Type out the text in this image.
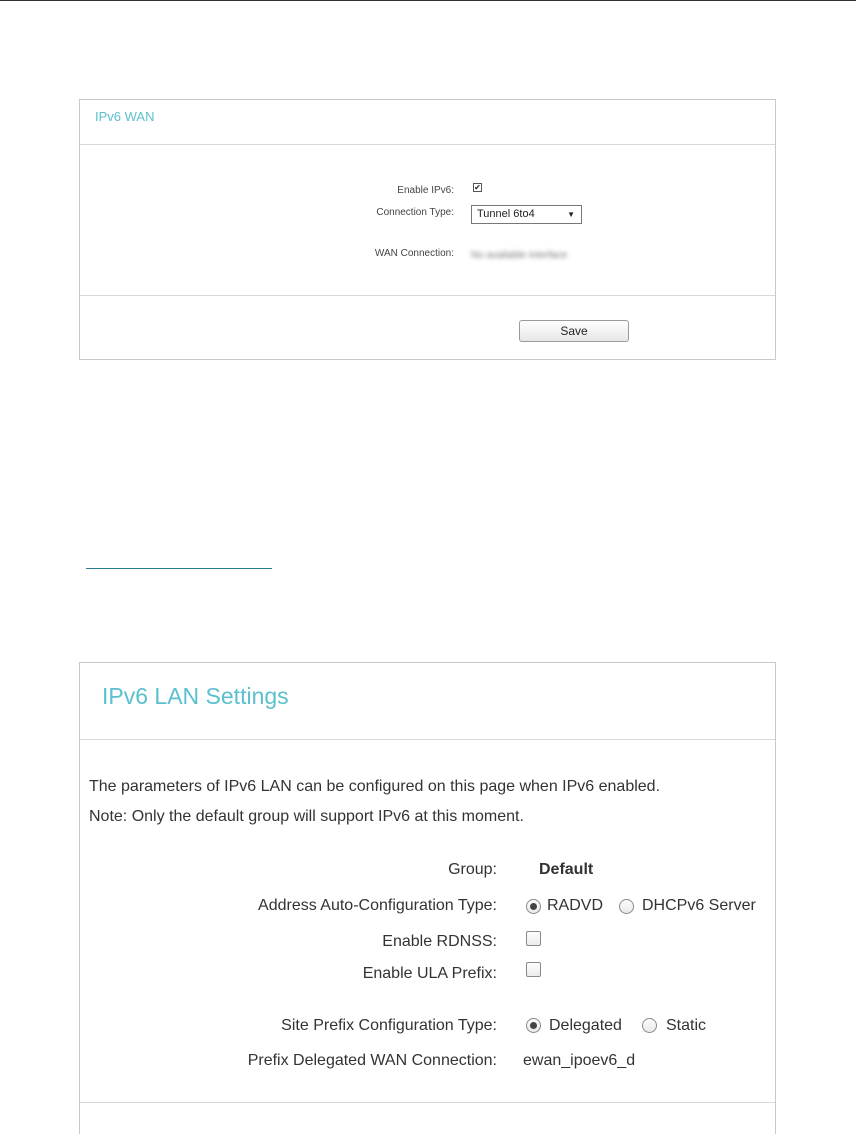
IPv6 WAN
Enable IPv6:	✔
Connection Type:	Tunnel 6to4	▼
WAN Connection: No available interface
Save
IPv6 LAN Settings
The parameters of IPv6 LAN can be configured on this page when IPv6 enabled.
Note: Only the default group will support IPv6 at this moment.
Group:	Default
Address Auto-Configuration Type:	RADVD DHCPv6 Server
Enable RDNSS:
Enable ULA Prefix:
Site Prefix Configuration Type:	Delegated	Static
Prefix Delegated WAN Connection: ewan_ipoev6_d
